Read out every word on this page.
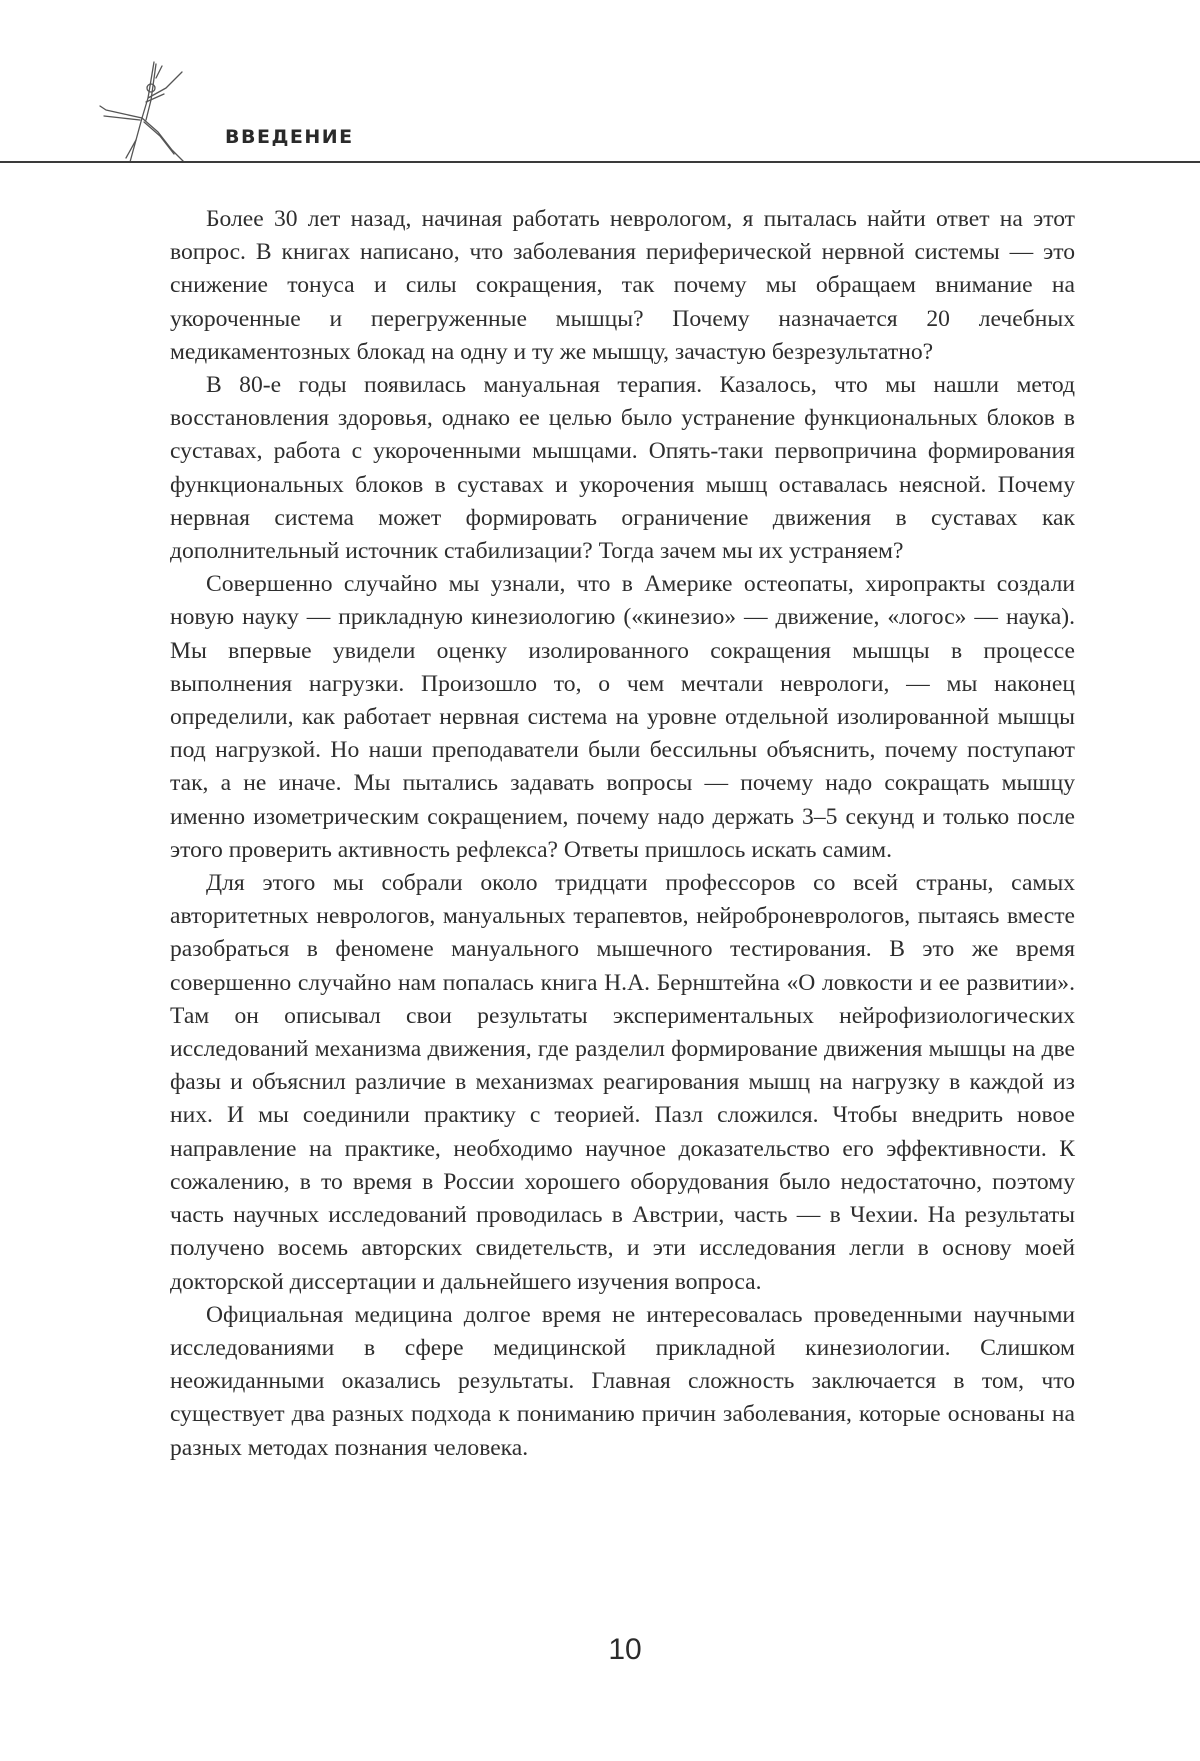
ВВЕДЕНИЕ

Более 30 лет назад, начиная работать неврологом, я пыталась найти ответ на этот вопрос. В книгах написано, что заболевания периферической нервной системы — это снижение тонуса и силы сокращения, так почему мы обращаем внимание на укороченные и перегруженные мышцы? Почему назначается 20 лечебных медикаментозных блокад на одну и ту же мышцу, зачастую безрезультатно?

В 80-е годы появилась мануальная терапия. Казалось, что мы нашли метод восстановления здоровья, однако ее целью было устранение функциональных блоков в суставах, работа с укороченными мышцами. Опять-таки первопричина формирования функциональных блоков в суставах и укорочения мышц оставалась неясной. Почему нервная система может формировать ограничение движения в суставах как дополнительный источник стабилизации? Тогда зачем мы их устраняем?

Совершенно случайно мы узнали, что в Америке остеопаты, хиропракты создали новую науку — прикладную кинезиологию («кинезио» — движение, «логос» — наука). Мы впервые увидели оценку изолированного сокращения мышцы в процессе выполнения нагрузки. Произошло то, о чем мечтали неврологи, — мы наконец определили, как работает нервная система на уровне отдельной изолированной мышцы под нагрузкой. Но наши преподаватели были бессильны объяснить, почему поступают так, а не иначе. Мы пытались задавать вопросы — почему надо сокращать мышцу именно изометрическим сокращением, почему надо держать 3–5 секунд и только после этого проверить активность рефлекса? Ответы пришлось искать самим.

Для этого мы собрали около тридцати профессоров со всей страны, самых авторитетных неврологов, мануальных терапевтов, нейроброневрологов, пытаясь вместе разобраться в феномене мануального мышечного тестирования. В это же время совершенно случайно нам попалась книга Н.А. Бернштейна «О ловкости и ее развитии». Там он описывал свои результаты экспериментальных нейрофизиологических исследований механизма движения, где разделил формирование движения мышцы на две фазы и объяснил различие в механизмах реагирования мышц на нагрузку в каждой из них. И мы соединили практику с теорией. Пазл сложился. Чтобы внедрить новое направление на практике, необходимо научное доказательство его эффективности. К сожалению, в то время в России хорошего оборудования было недостаточно, поэтому часть научных исследований проводилась в Австрии, часть — в Чехии. На результаты получено восемь авторских свидетельств, и эти исследования легли в основу моей докторской диссертации и дальнейшего изучения вопроса.

Официальная медицина долгое время не интересовалась проведенными научными исследованиями в сфере медицинской прикладной кинезиологии. Слишком неожиданными оказались результаты. Главная сложность заключается в том, что существует два разных подхода к пониманию причин заболевания, которые основаны на разных методах познания человека.

10
